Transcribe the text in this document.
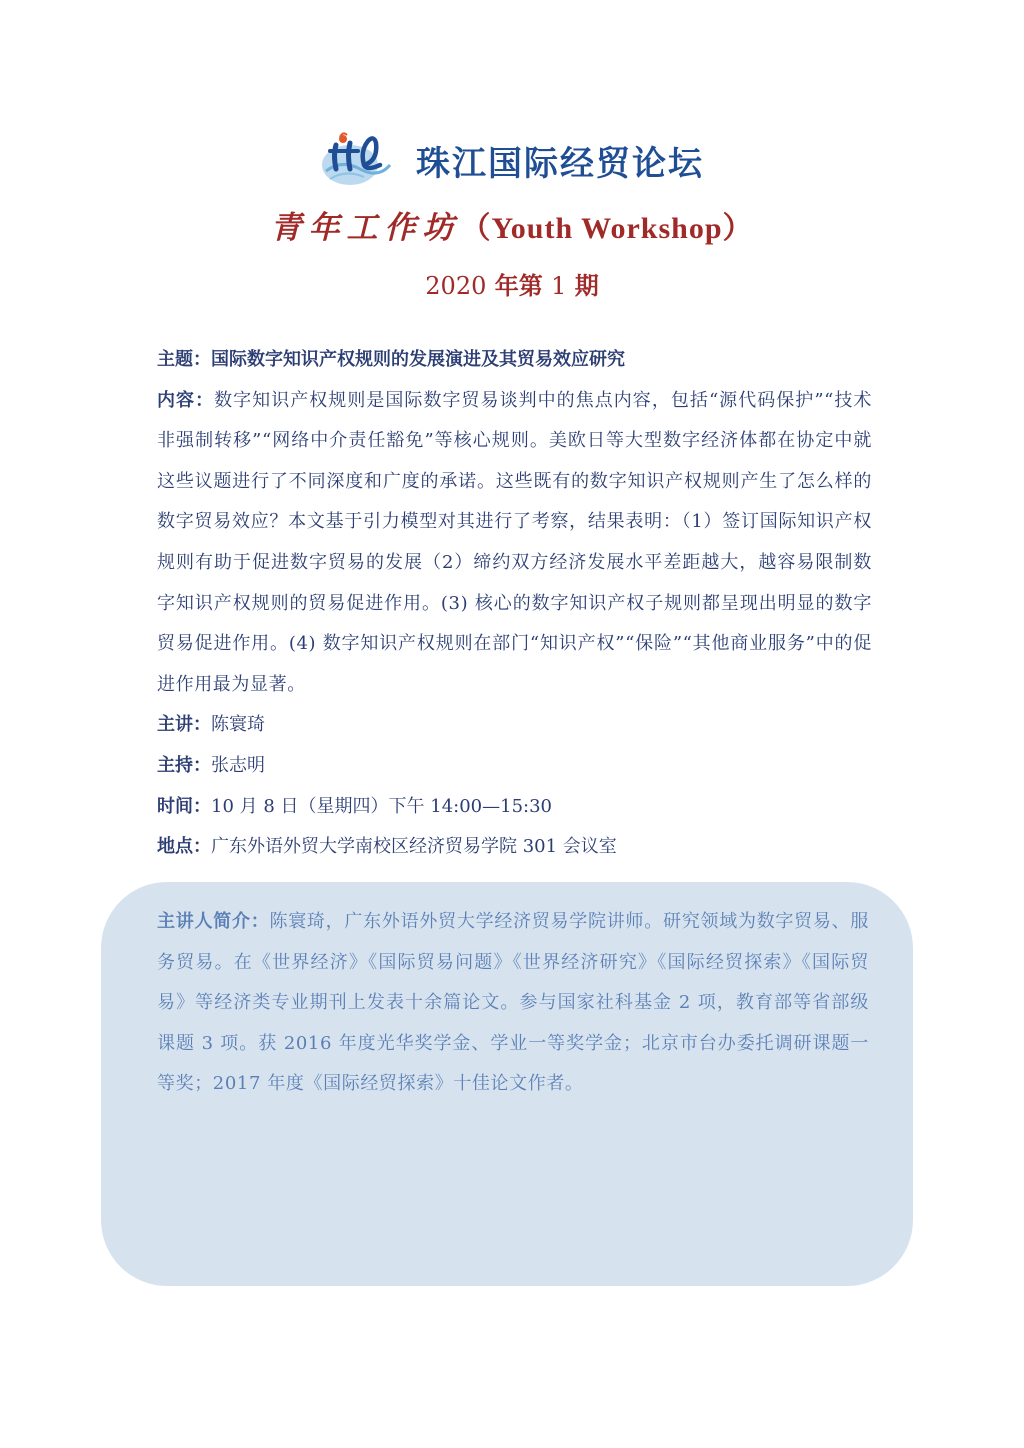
珠江国际经贸论坛
青年工作坊（Youth Workshop）
2020 年第 1 期

主题：国际数字知识产权规则的发展演进及其贸易效应研究

内容：数字知识产权规则是国际数字贸易谈判中的焦点内容，包括“源代码保护”“技术非强制转移”“网络中介责任豁免”等核心规则。美欧日等大型数字经济体都在协定中就这些议题进行了不同深度和广度的承诺。这些既有的数字知识产权规则产生了怎么样的数字贸易效应？本文基于引力模型对其进行了考察，结果表明：（1）签订国际知识产权规则有助于促进数字贸易的发展（2）缔约双方经济发展水平差距越大，越容易限制数字知识产权规则的贸易促进作用。(3) 核心的数字知识产权子规则都呈现出明显的数字贸易促进作用。(4) 数字知识产权规则在部门“知识产权”“保险”“其他商业服务”中的促进作用最为显著。

主讲：陈寰琦

主持：张志明

时间：10 月 8 日（星期四）下午 14:00—15:30

地点：广东外语外贸大学南校区经济贸易学院 301 会议室

主讲人简介：陈寰琦，广东外语外贸大学经济贸易学院讲师。研究领域为数字贸易、服务贸易。在《世界经济》《国际贸易问题》《世界经济研究》《国际经贸探索》《国际贸易》等经济类专业期刊上发表十余篇论文。参与国家社科基金 2 项，教育部等省部级课题 3 项。获 2016 年度光华奖学金、学业一等奖学金；北京市台办委托调研课题一等奖；2017 年度《国际经贸探索》十佳论文作者。
